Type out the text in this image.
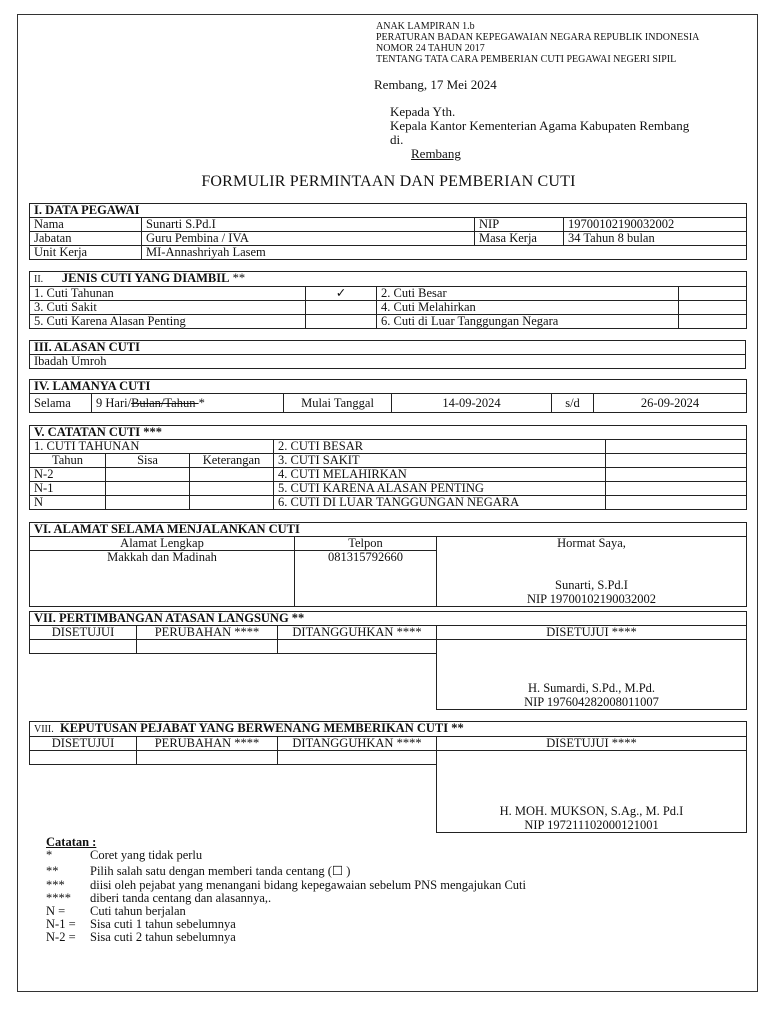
ANAK LAMPIRAN 1.b
PERATURAN BADAN KEPEGAWAIAN NEGARA REPUBLIK INDONESIA
NOMOR 24 TAHUN 2017
TENTANG TATA CARA PEMBERIAN CUTI PEGAWAI NEGERI SIPIL
Rembang, 17 Mei 2024
Kepada Yth.
Kepala Kantor Kementerian Agama Kabupaten Rembang
di.
Rembang
FORMULIR PERMINTAAN DAN PEMBERIAN CUTI
I. DATA PEGAWAI			
Nama	Sunarti S.Pd.I	NIP	19700102190032002
Jabatan	Guru Pembina / IVA	Masa Kerja	34 Tahun 8 bulan
Unit Kerja	MI-Annashriyah Lasem		
II. JENIS CUTI YANG DIAMBIL **			
1. Cuti Tahunan	✓	2. Cuti Besar	
3. Cuti Sakit		4. Cuti Melahirkan	
5. Cuti Karena Alasan Penting		6. Cuti di Luar Tanggungan Negara	
III. ALASAN CUTI
Ibadah Umroh
IV. LAMANYA CUTI
Selama	9 Hari/Bulan/Tahun *	Mulai Tanggal	14-09-2024	s/d	26-09-2024
V. CATATAN CUTI ***				
1. CUTI TAHUNAN			2. CUTI BESAR	
Tahun	Sisa	Keterangan	3. CUTI SAKIT	
N-2			4. CUTI MELAHIRKAN	
N-1			5. CUTI KARENA ALASAN PENTING	
N			6. CUTI DI LUAR TANGGUNGAN NEGARA	
VI. ALAMAT SELAMA MENJALANKAN CUTI		
Alamat Lengkap	Telpon	Hormat Saya,
Makkah dan Madinah	081315792660	Sunarti, S.Pd.I
NIP 19700102190032002
VII. PERTIMBANGAN ATASAN LANGSUNG **			
DISETUJUI	PERUBAHAN ****	DITANGGUHKAN ****	DISETUJUI ****

			H. Sumardi, S.Pd., M.Pd.
NIP 197604282008011007
VIII. KEPUTUSAN PEJABAT YANG BERWENANG MEMBERIKAN CUTI **			
DISETUJUI	PERUBAHAN ****	DITANGGUHKAN ****	DISETUJUI ****

			H. MOH. MUKSON, S.Ag., M. Pd.I
NIP 197211102000121001
Catatan :
*	Coret yang tidak perlu
**	Pilih salah satu dengan memberi tanda centang (☐ )
*** diisi oleh pejabat yang menangani bidang kepegawaian sebelum PNS mengajukan Cuti
**** diberi tanda centang dan alasannya,.
N = Cuti tahun berjalan
N-1 = Sisa cuti 1 tahun sebelumnya
N-2 = Sisa cuti 2 tahun sebelumnya
